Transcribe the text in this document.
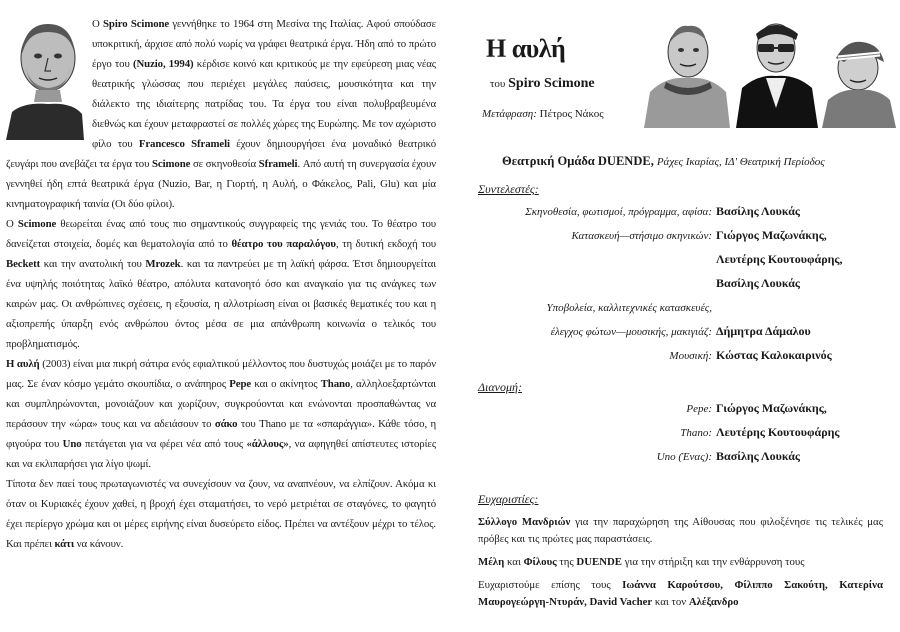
Ο Spiro Scimone γεννήθηκε το 1964 στη Μεσίνα της Ιταλίας. Αφού σπούδασε υποκριτική, άρχισε από πολύ νωρίς να γράφει θεατρικά έργα. Ήδη από το πρώτο έργο του (Nuzio, 1994) κέρδισε κοινό και κριτικούς με την εφεύρεση μιας νέας θεατρικής γλώσσας που περιέχει μεγάλες παύσεις, μουσικότητα και την διάλεκτο της ιδιαίτερης πατρίδας του. Τα έργα του είναι πολυβραβευμένα διεθνώς και έχουν μεταφραστεί σε πολλές χώρες της Ευρώπης. Με τον αχώριστο φίλο του Francesco Sframeli έχουν δημιουργήσει ένα μοναδικό θεατρικό ζευγάρι που ανεβάζει τα έργα του Scimone σε σκηνοθεσία Sframeli. Από αυτή τη συνεργασία έχουν γεννηθεί ήδη επτά θεατρικά έργα (Nuzio, Bar, η Γιορτή, η Αυλή, ο Φάκελος, Pali, Glu) και μία κινηματογραφική ταινία (Οι δύο φίλοι).

Ο Scimone θεωρείται ένας από τους πιο σημαντικούς συγγραφείς της γενιάς του. Το θέατρο του δανείζεται στοιχεία, δομές και θεματολογία από το θέατρο του παραλόγου, τη δυτική εκδοχή του Beckett και την ανατολική του Mrozek. και τα παντρεύει με τη λαϊκή φάρσα. Έτσι δημιουργείται ένα υψηλής ποιότητας λαϊκό θέατρο, απόλυτα κατανοητό όσο και αναγκαίο για τις ανάγκες των καιρών μας. Οι ανθρώπινες σχέσεις, η εξουσία, η αλλοτρίωση είναι οι βασικές θεματικές του και η αξιοπρεπής ύπαρξη ενός ανθρώπου όντος μέσα σε μια απάνθρωπη κοινωνία ο τελικός του προβληματισμός.

Η αυλή (2003) είναι μια πικρή σάτιρα ενός εφιαλτικού μέλλοντος που δυστυχώς μοιάζει με το παρόν μας. Σε έναν κόσμο γεμάτο σκουπίδια, ο ανάπηρος Pepe και ο ακίνητος Thano, αλληλοεξαρτώνται και συμπληρώνονται, μονοιάζουν και χωρίζουν, συγκρούονται και ενώνονται προσπαθώντας να περάσουν την «ώρα» τους και να αδειάσουν το σάκο του Thano με τα «σπαράγγια». Κάθε τόσο, η φιγούρα του Uno πετάγεται για να φέρει νέα από τους «άλλους», να αφηγηθεί απίστευτες ιστορίες και να εκλιπαρήσει για λίγο ψωμί.

Τίποτα δεν παεί τους πρωταγωνιστές να συνεχίσουν να ζουν, να αναπνέουν, να ελπίζουν. Ακόμα κι όταν οι Κυριακές έχουν χαθεί, η βροχή έχει σταματήσει, το νερό μετριέται σε σταγόνες, το φαγητό έχει περίεργο χρώμα και οι μέρες ειρήνης είναι δυσεύρετο είδος. Πρέπει να αντέξουν μέχρι το τέλος. Και πρέπει κάτι να κάνουν.

Η αυλή
του Spiro Scimone
Μετάφραση: Πέτρος Νάκος
Θεατρική Ομάδα DUENDE, Ράχες Ικαρίας, ΙΔ' Θεατρική Περίοδος
Συντελεστές:
Σκηνοθεσία, φωτισμοί, πρόγραμμα, αφίσα: Βασίλης Λουκάς
Κατασκευή—στήσιμο σκηνικών: Γιώργος Μαζωνάκης,
Λευτέρης Κουτουφάρης,
Βασίλης Λουκάς
Υποβολεία, καλλιτεχνικές κατασκευές,
έλεγχος φώτων—μουσικής, μακιγιάζ: Δήμητρα Δάμαλου
Μουσική: Κώστας Καλοκαιρινός
Διανομή:
Pepe: Γιώργος Μαζωνάκης,
Thano: Λευτέρης Κουτουφάρης
Uno (Ένας): Βασίλης Λουκάς
Ευχαριστίες:
Σύλλογο Μανδριών για την παραχώρηση της Αίθουσας που φιλοξένησε τις τελικές μας πρόβες και τις πρώτες μας παραστάσεις.
Μέλη και Φίλους της DUENDE για την στήριξη και την ενθάρρυνση τους
Ευχαριστούμε επίσης τους Ιωάννα Καρούτσου, Φίλιππο Σακούτη, Κατερίνα Μαυρογεώργη-Ντυράν, David Vacher και τον Αλέξανδρο
